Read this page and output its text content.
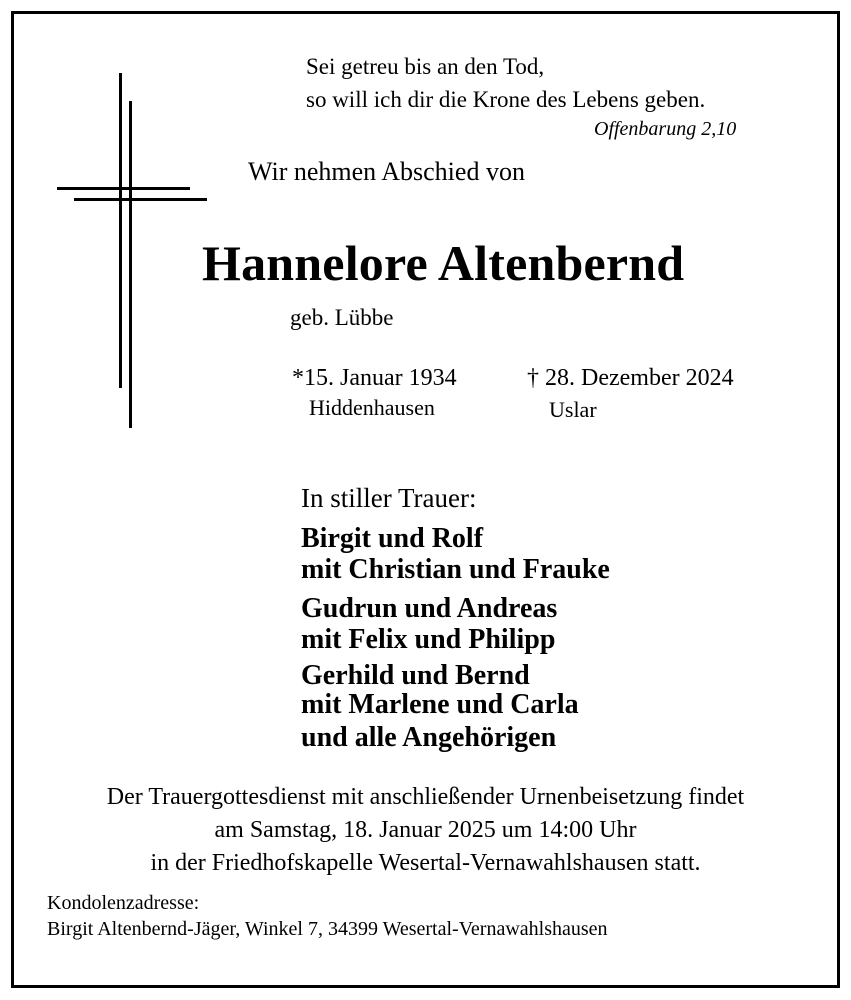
Sei getreu bis an den Tod,
so will ich dir die Krone des Lebens geben.
Offenbarung 2,10
Wir nehmen Abschied von
Hannelore Altenbernd
geb. Lübbe
*15. Januar 1934
Hiddenhausen
† 28. Dezember 2024
Uslar
In stiller Trauer:
Birgit und Rolf
mit Christian und Frauke
Gudrun und Andreas
mit Felix und Philipp
Gerhild und Bernd
mit Marlene und Carla
und alle Angehörigen
Der Trauergottesdienst mit anschließender Urnenbeisetzung findet
am Samstag, 18. Januar 2025 um 14:00 Uhr
in der Friedhofskapelle Wesertal-Vernawahlshausen statt.
Kondolenzadresse:
Birgit Altenbernd-Jäger, Winkel 7, 34399 Wesertal-Vernawahlshausen
